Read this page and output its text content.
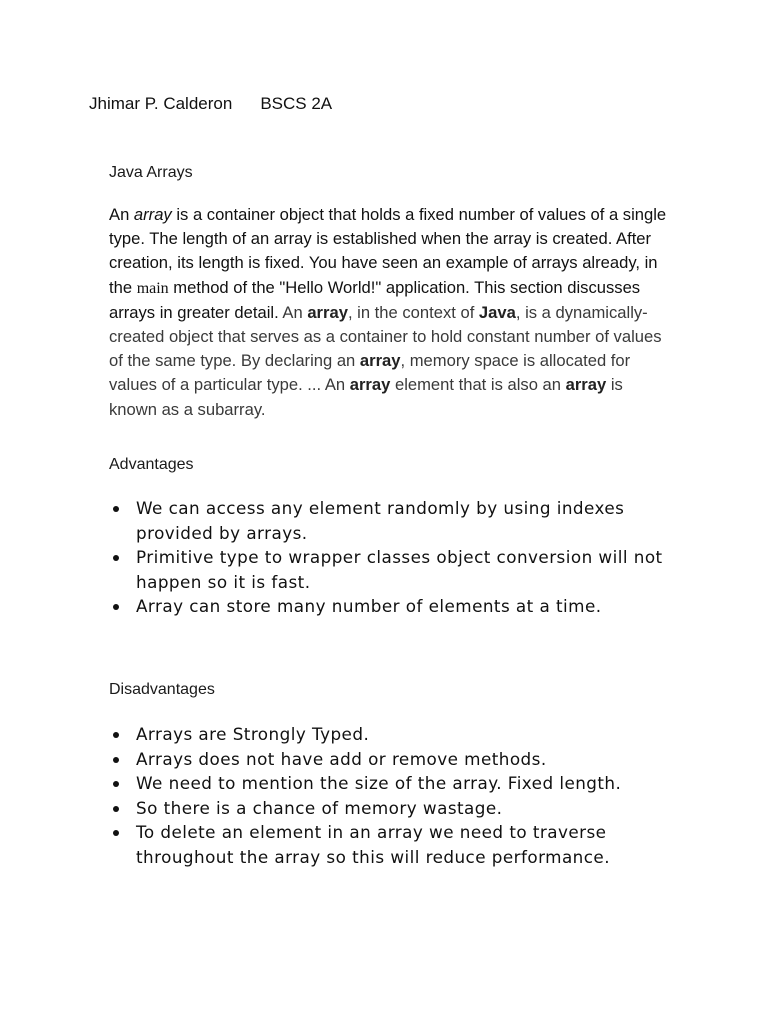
Jhimar P. Calderon BSCS 2A
Java Arrays
An array is a container object that holds a fixed number of values of a single type. The length of an array is established when the array is created. After creation, its length is fixed. You have seen an example of arrays already, in the main method of the "Hello World!" application. This section discusses arrays in greater detail. An array, in the context of Java, is a dynamically-created object that serves as a container to hold constant number of values of the same type. By declaring an array, memory space is allocated for values of a particular type. ... An array element that is also an array is known as a subarray.
Advantages
We can access any element randomly by using indexes provided by arrays.
Primitive type to wrapper classes object conversion will not happen so it is fast.
Array can store many number of elements at a time.
Disadvantages
Arrays are Strongly Typed.
Arrays does not have add or remove methods.
We need to mention the size of the array. Fixed length.
So there is a chance of memory wastage.
To delete an element in an array we need to traverse throughout the array so this will reduce performance.
